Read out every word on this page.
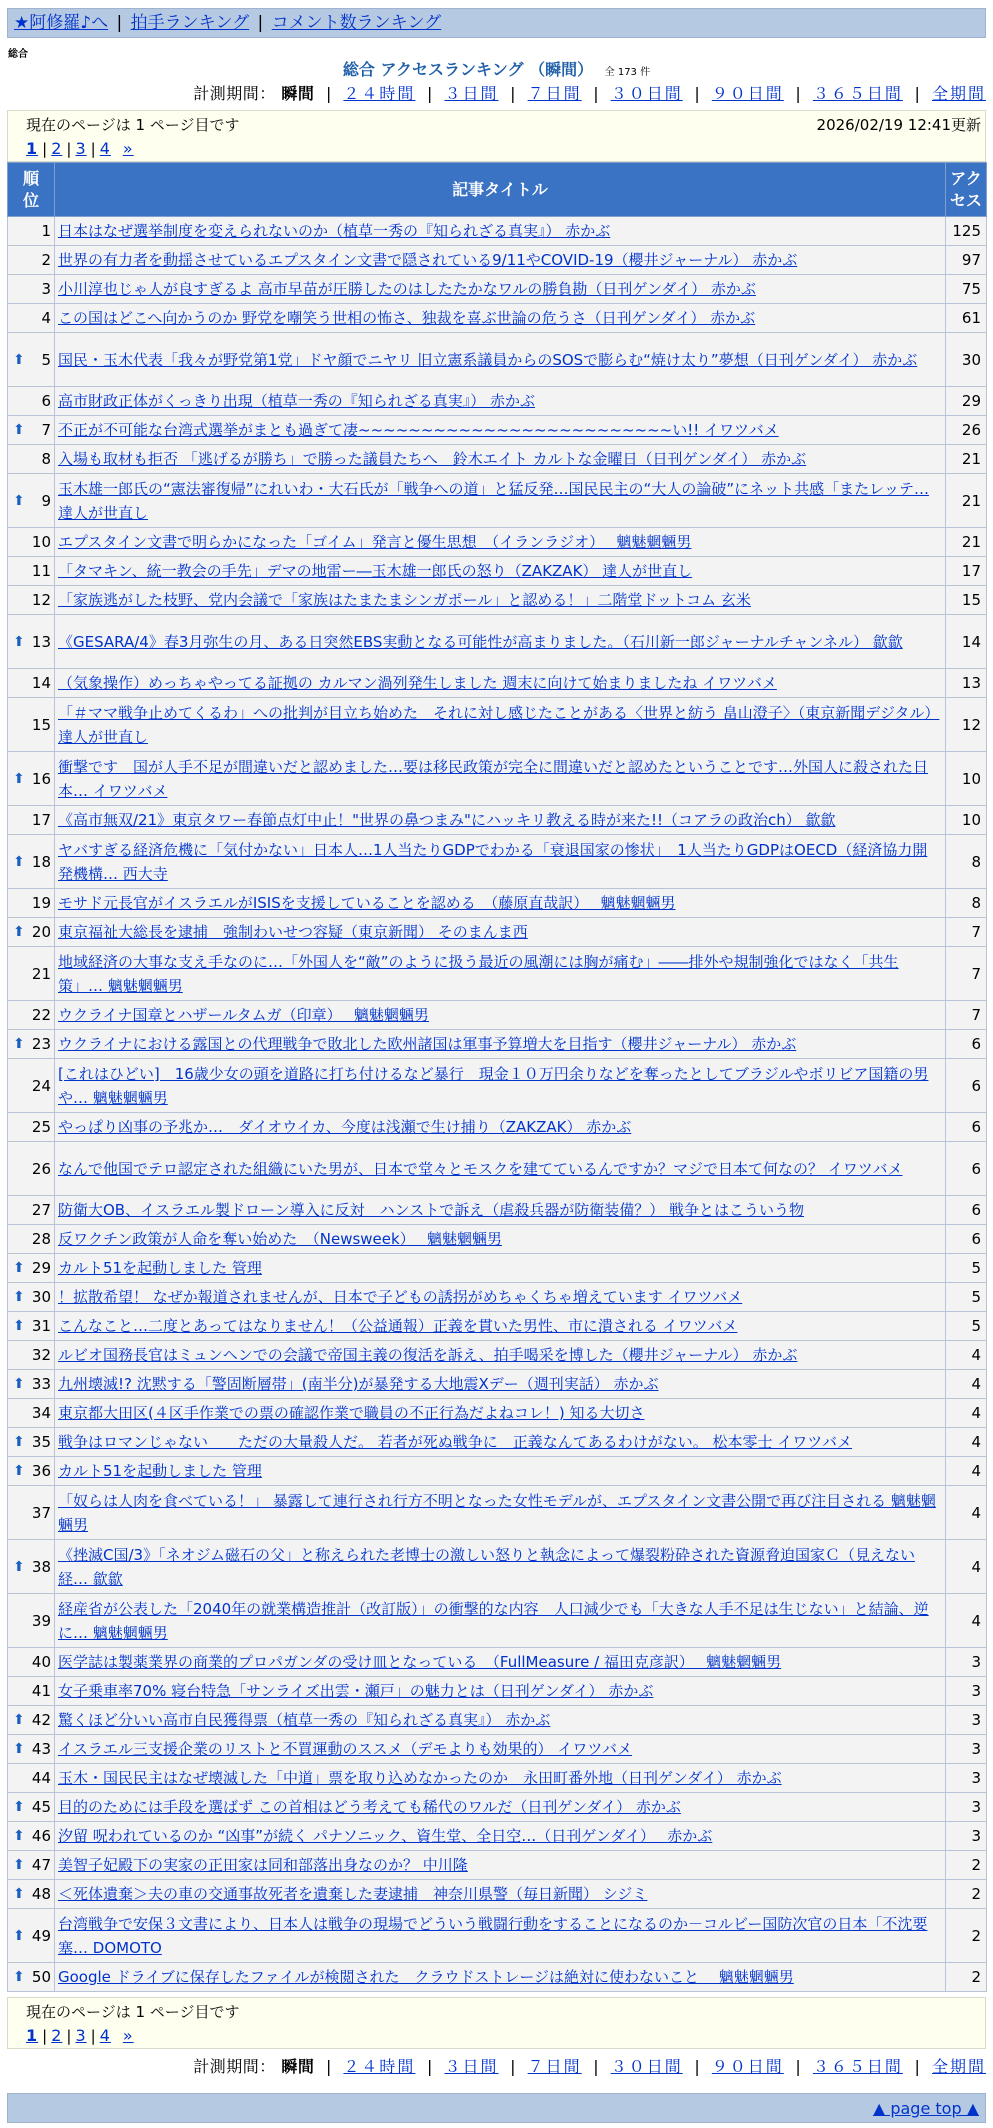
★阿修羅♪へ | 拍手ランキング | コメント数ランキング
総合
総合 アクセスランキング （瞬間） 全 173 件
計測期間： 瞬間 | ２４時間 | ３日間 | ７日間 | ３０日間 | ９０日間 | ３６５日間 | 全期間
現在のページは 1 ページ目です	2026/02/19 12:41更新
1 | 2 | 3 | 4 »
順位	記事タイトル	アク
セス

1	日本はなぜ選挙制度を変えられないのか（植草一秀の『知られざる真実』） 赤かぶ	125
2	世界の有力者を動揺させているエプスタイン文書で隠されている9/11やCOVID-19（櫻井ジャーナル） 赤かぶ	97
3	小川淳也じゃ人が良すぎるよ 高市早苗が圧勝したのはしたたかなワルの勝負勘（日刊ゲンダイ） 赤かぶ	75
4	この国はどこへ向かうのか 野党を嘲笑う世相の怖さ、独裁を喜ぶ世論の危うさ（日刊ゲンダイ） 赤かぶ	61

⬆ 5	国民・玉木代表「我々が野党第1党」ドヤ顔でニヤリ 旧立憲系議員からのSOSで膨らむ“焼け太り”夢想（日刊ゲンダイ） 赤かぶ	30
6	高市財政正体がくっきり出現（植草一秀の『知られざる真実』） 赤かぶ	29

⬆ 7	不正が不可能な台湾式選挙がまとも過ぎて凄~~~~~~~~~~~~~~~~~~~~~~~~~い!! イワツバメ	26
8	入場も取材も拒否 「逃げるが勝ち」で勝った議員たちへ　鈴木エイト カルトな金曜日（日刊ゲンダイ） 赤かぶ	21

⬆ 9	玉木雄一郎氏の“憲法審復帰”にれいわ・大石氏が「戦争への道」と猛反発…国民民主の“大人の論破”にネット共感「またレッテ… 達人が世直し	21
10	エプスタイン文書で明らかになった「ゴイム」発言と優生思想　（イランラジオ）　 魑魅魍魎男	21
11	「タマキン、統一教会の手先」デマの地雷ー―玉木雄一郎氏の怒り（ZAKZAK） 達人が世直し	17
12	「家族逃がした枝野、党内会議で「家族はたまたまシンガポール」と認める！」二階堂ドットコム 玄米	15

⬆ 13	《GESARA/4》春3月弥生の月、ある日突然EBS実動となる可能性が高まりました。（石川新一郎ジャーナルチャンネル） 歙歙	14
14	（気象操作）めっちゃやってる証拠の カルマン渦列発生しました 週末に向けて始まりましたね イワツバメ	13
15	「＃ママ戦争止めてくるわ」への批判が目立ち始めた　それに対し感じたことがある〈世界と紡う 畠山澄子〉（東京新聞デジタル） 達人が世直し	12

⬆ 16	衝撃です　国が人手不足が間違いだと認めました…要は移民政策が完全に間違いだと認めたということです…外国人に殺された日本… イワツバメ	10
17	《高市無双/21》東京タワー春節点灯中止！"世界の鼻つまみ"にハッキリ教える時が来た!!（コアラの政治ch） 歙歙	10

⬆ 18	ヤバすぎる経済危機に「気付かない」日本人…1人当たりGDPでわかる「衰退国家の惨状」　1人当たりGDPはOECD（経済協力開発機構… 西大寺	8
19	モサド元長官がイスラエルがISISを支援していることを認める　（藤原直哉訳）　 魑魅魍魎男	8

⬆ 20	東京福祉大総長を逮捕　強制わいせつ容疑（東京新聞） そのまんま西	7
21	地域経済の大事な支え手なのに…「外国人を“敵”のように扱う最近の風潮には胸が痛む」――排外や規制強化ではなく「共生策」… 魑魅魍魎男	7
22	ウクライナ国章とハザールタムガ（印章）　 魑魅魍魎男	7

⬆ 23	ウクライナにおける露国との代理戦争で敗北した欧州諸国は軍事予算増大を目指す（櫻井ジャーナル） 赤かぶ	6
24	[これはひどい]　16歳少女の頭を道路に打ち付けるなど暴行　現金１０万円余りなどを奪ったとしてブラジルやボリビア国籍の男や… 魑魅魍魎男	6
25	やっぱり凶事の予兆か…　ダイオウイカ、今度は浅瀬で生け捕り（ZAKZAK） 赤かぶ	6
26	なんで他国でテロ認定された組織にいた男が、日本で堂々とモスクを建てているんですか？マジで日本て何なの？ イワツバメ	6
27	防衛大OB、イスラエル製ドローン導入に反対　ハンストで訴え（虐殺兵器が防衛装備？） 戦争とはこういう物	6
28	反ワクチン政策が人命を奪い始めた　（Newsweek）　 魑魅魍魎男	6

⬆ 29	カルト51を起動しました 管理	5

⬆ 30	！拡散希望！ なぜか報道されませんが、日本で子どもの誘拐がめちゃくちゃ増えています イワツバメ	5

⬆ 31	こんなこと…二度とあってはなりません！（公益通報）正義を貫いた男性、市に潰される イワツバメ	5
32	ルビオ国務長官はミュンヘンでの会議で帝国主義の復活を訴え、拍手喝采を博した（櫻井ジャーナル） 赤かぶ	4

⬆ 33	九州壊滅!? 沈黙する「警固断層帯」(南半分)が暴発する大地震Xデー（週刊実話） 赤かぶ	4
34	東京都大田区(４区手作業での票の確認作業で職員の不正行為だよねコレ！) 知る大切さ	4

⬆ 35	戦争はロマンじゃない　　ただの大量殺人だ。 若者が死ぬ戦争に　正義なんてあるわけがない。 松本零士 イワツバメ	4

⬆ 36	カルト51を起動しました 管理	4
37	「奴らは人肉を食べている！」 暴露して連行され行方不明となった女性モデルが、エプスタイン文書公開で再び注目される 魑魅魍魎男	4

⬆ 38	《挫滅C国/3》「ネオジム磁石の父」と称えられた老博士の激しい怒りと執念によって爆裂粉砕された資源脅迫国家Ｃ（見えない経… 歙歙	4
39	経産省が公表した「2040年の就業構造推計（改訂版）」の衝撃的な内容　人口減少でも「大きな人手不足は生じない」と結論、逆に… 魑魅魍魎男	4
40	医学誌は製薬業界の商業的プロパガンダの受け皿となっている　（FullMeasure / 福田克彦訳）　 魑魅魍魎男	3
41	女子乗車率70% 寝台特急「サンライズ出雲・瀬戸」の魅力とは（日刊ゲンダイ） 赤かぶ	3

⬆ 42	驚くほど分いい高市自民獲得票（植草一秀の『知られざる真実』） 赤かぶ	3

⬆ 43	イスラエル三支援企業のリストと不買運動のススメ（デモよりも効果的） イワツバメ	3
44	玉木・国民民主はなぜ壊滅した「中道」票を取り込めなかったのか　永田町番外地（日刊ゲンダイ） 赤かぶ	3

⬆ 45	目的のためには手段を選ばず この首相はどう考えても稀代のワルだ（日刊ゲンダイ） 赤かぶ	3

⬆ 46	汐留 呪われているのか “凶事”が続く パナソニック、資生堂、全日空…（日刊ゲンダイ）　 赤かぶ	3

⬆ 47	美智子妃殿下の実家の正田家は同和部落出身なのか？ 中川隆	2

⬆ 48	＜死体遺棄＞夫の車の交通事故死者を遺棄した妻逮捕　神奈川県警（毎日新聞） シジミ	2

⬆ 49	台湾戦争で安保３文書により、日本人は戦争の現場でどういう戦闘行動をすることになるのか－コルビー国防次官の日本「不沈要塞… DOMOTO	2

⬆ 50	Google ドライブに保存したファイルが検閲された　クラウドストレージは絶対に使わないこと　 魑魅魍魎男	2
現在のページは 1 ページ目です
1 | 2 | 3 | 4 »
計測期間： 瞬間 | ２４時間 | ３日間 | ７日間 | ３０日間 | ９０日間 | ３６５日間 | 全期間
▲ page top ▲
